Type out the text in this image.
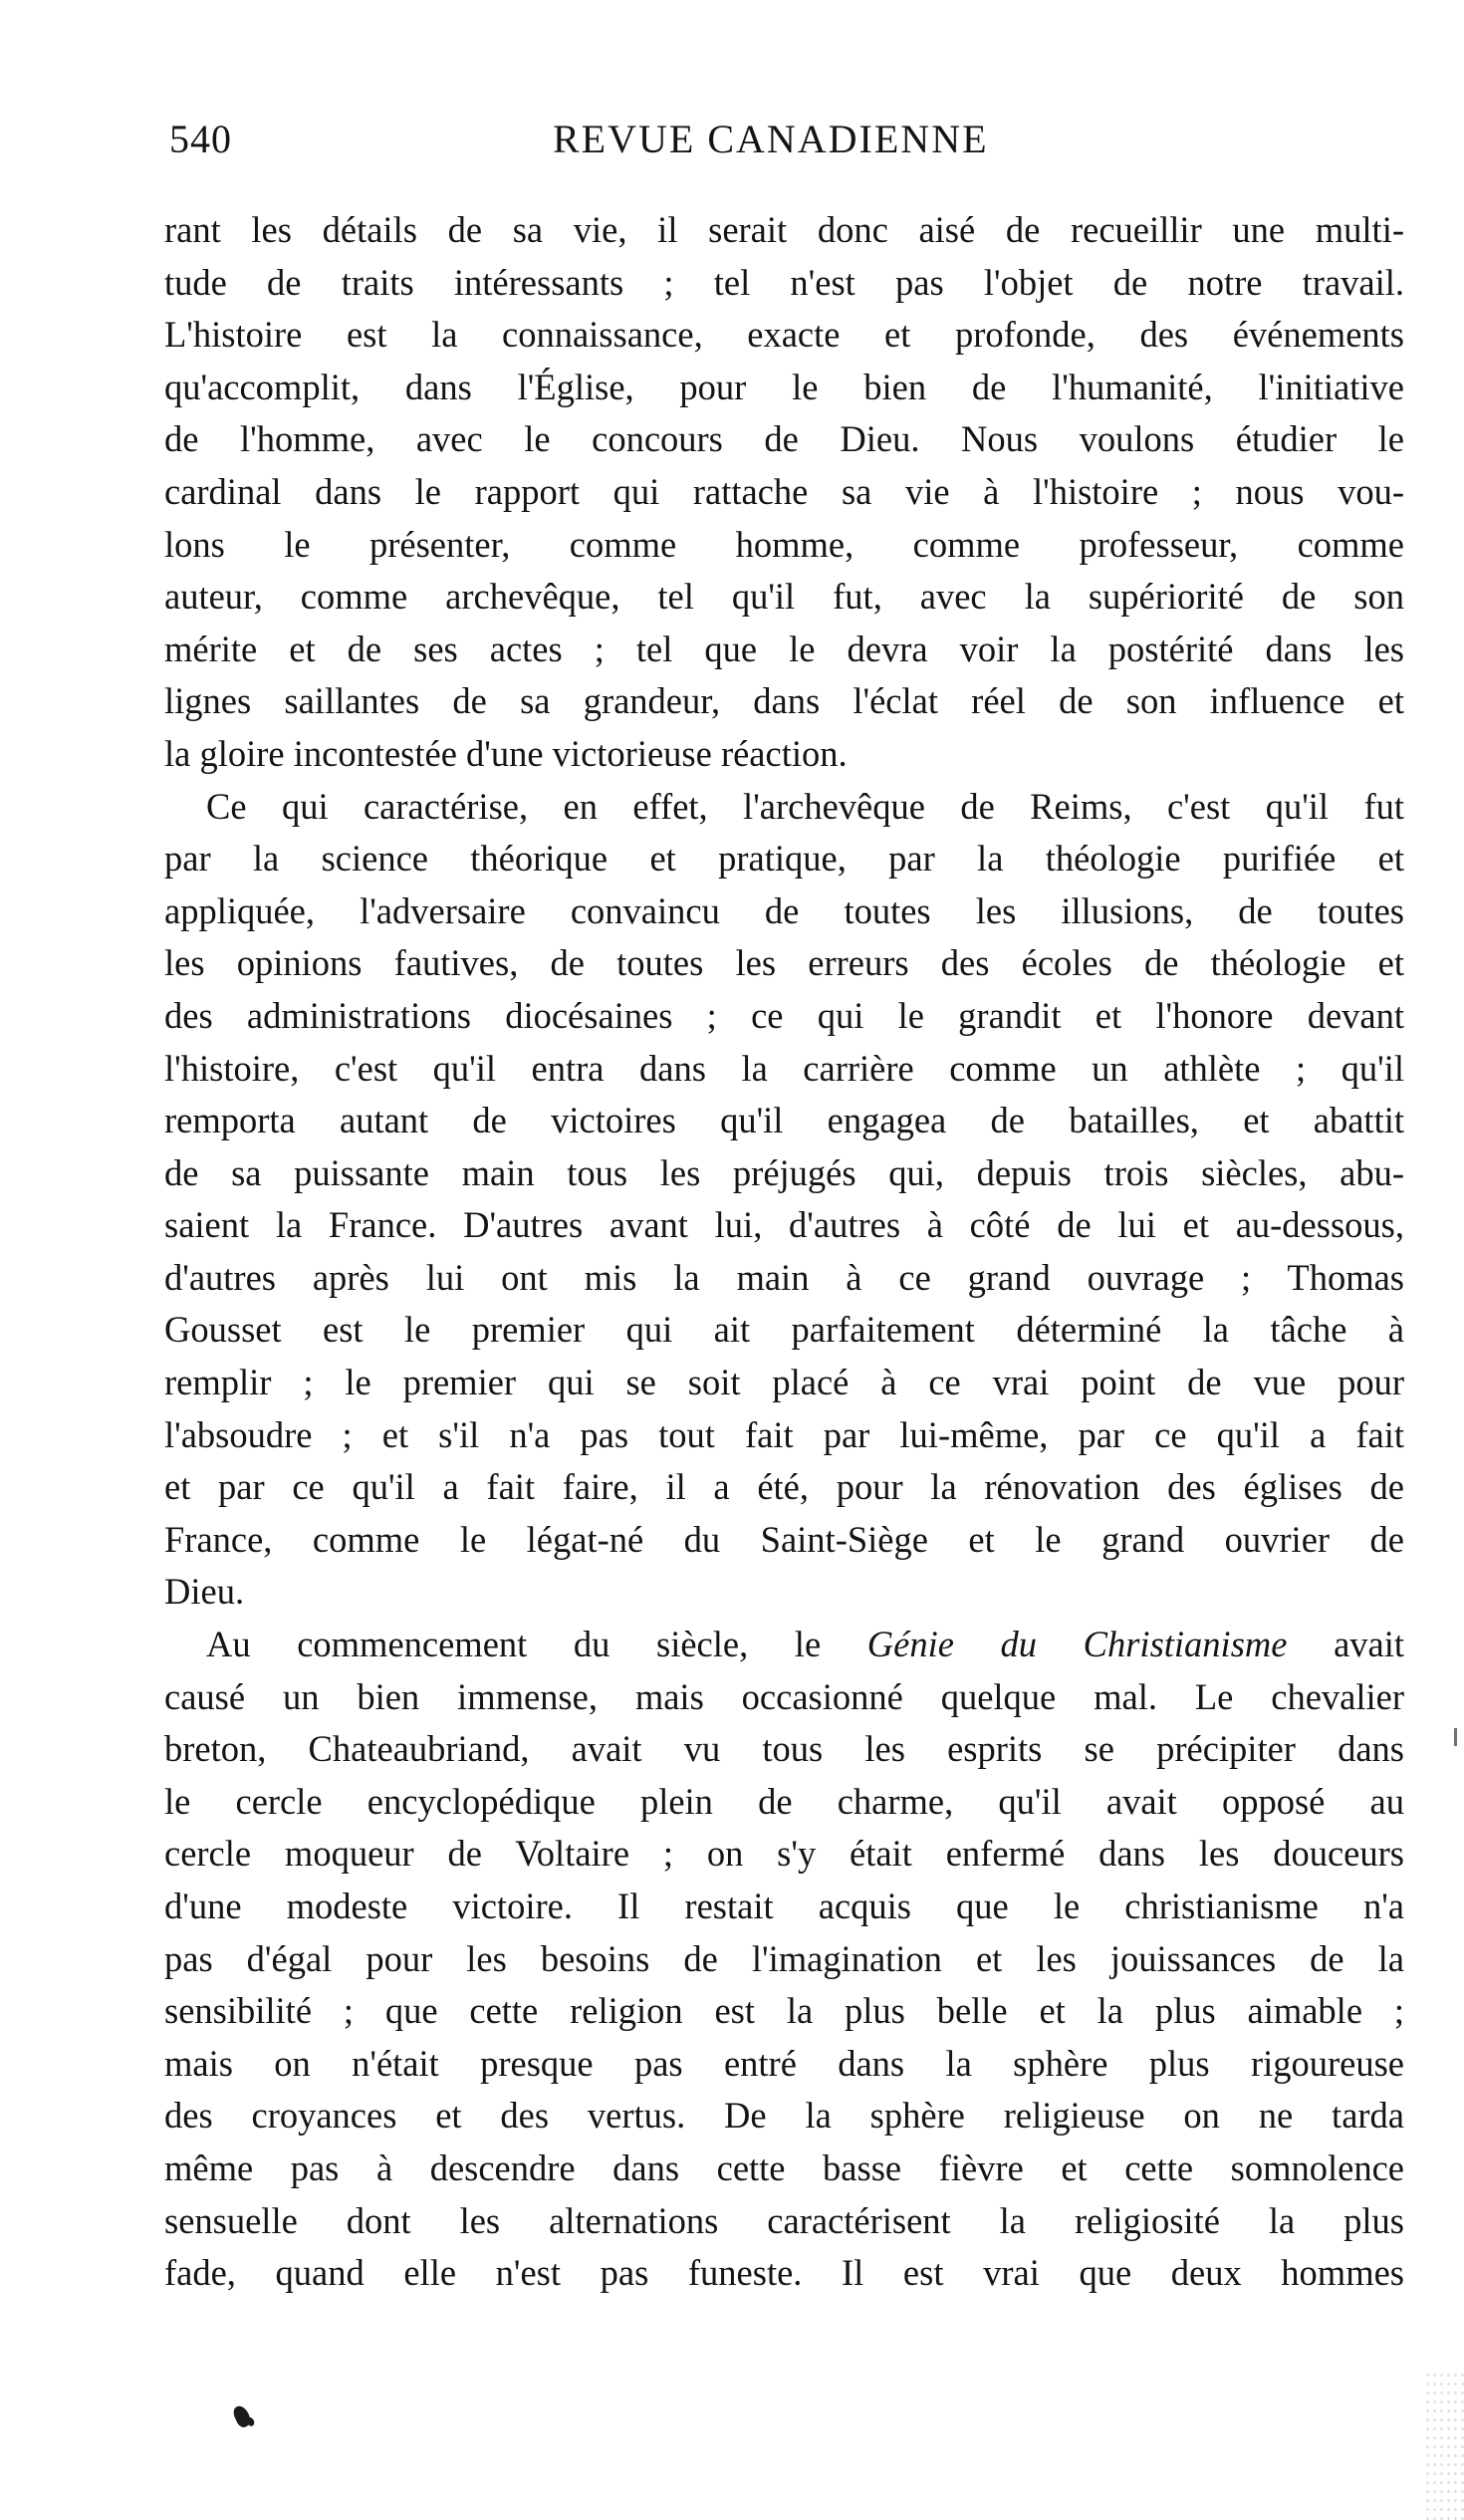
540	REVUE CANADIENNE

rant les détails de sa vie, il serait donc aisé de recueillir une multi-
tude de traits intéressants ; tel n'est pas l'objet de notre travail.
L'histoire est la connaissance, exacte et profonde, des événements
qu'accomplit, dans l'Église, pour le bien de l'humanité, l'initiative
de l'homme, avec le concours de Dieu. Nous voulons étudier le
cardinal dans le rapport qui rattache sa vie à l'histoire ; nous vou-
lons le présenter, comme homme, comme professeur, comme
auteur, comme archevêque, tel qu'il fut, avec la supériorité de son
mérite et de ses actes ; tel que le devra voir la postérité dans les
lignes saillantes de sa grandeur, dans l'éclat réel de son influence et
la gloire incontestée d'une victorieuse réaction.

Ce qui caractérise, en effet, l'archevêque de Reims, c'est qu'il fut
par la science théorique et pratique, par la théologie purifiée et
appliquée, l'adversaire convaincu de toutes les illusions, de toutes
les opinions fautives, de toutes les erreurs des écoles de théologie et
des administrations diocésaines ; ce qui le grandit et l'honore devant
l'histoire, c'est qu'il entra dans la carrière comme un athlète ; qu'il
remporta autant de victoires qu'il engagea de batailles, et abattit
de sa puissante main tous les préjugés qui, depuis trois siècles, abu-
saient la France. D'autres avant lui, d'autres à côté de lui et au-dessous,
d'autres après lui ont mis la main à ce grand ouvrage ; Thomas
Gousset est le premier qui ait parfaitement déterminé la tâche à
remplir ; le premier qui se soit placé à ce vrai point de vue pour
l'absoudre ; et s'il n'a pas tout fait par lui-même, par ce qu'il a fait
et par ce qu'il a fait faire, il a été, pour la rénovation des églises de
France, comme le légat-né du Saint-Siège et le grand ouvrier de
Dieu.

Au commencement du siècle, le Génie du Christianisme avait
causé un bien immense, mais occasionné quelque mal. Le chevalier
breton, Chateaubriand, avait vu tous les esprits se précipiter dans
le cercle encyclopédique plein de charme, qu'il avait opposé au
cercle moqueur de Voltaire ; on s'y était enfermé dans les douceurs
d'une modeste victoire. Il restait acquis que le christianisme n'a
pas d'égal pour les besoins de l'imagination et les jouissances de la
sensibilité ; que cette religion est la plus belle et la plus aimable ;
mais on n'était presque pas entré dans la sphère plus rigoureuse
des croyances et des vertus. De la sphère religieuse on ne tarda
même pas à descendre dans cette basse fièvre et cette somnolence
sensuelle dont les alternations caractérisent la religiosité la plus
fade, quand elle n'est pas funeste. Il est vrai que deux hommes
